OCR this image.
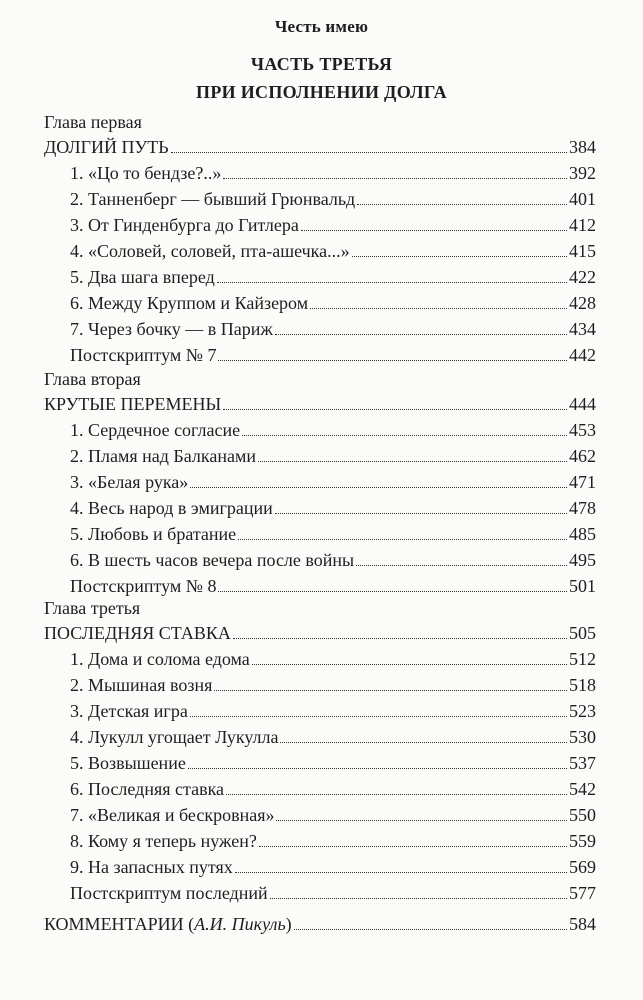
Честь имею
ЧАСТЬ ТРЕТЬЯ
ПРИ ИСПОЛНЕНИИ ДОЛГА
Глава первая
ДОЛГИЙ ПУТЬ	384
1. «Цо то бендзе?..»	392
2. Танненберг — бывший Грюнвальд	401
3. От Гинденбурга до Гитлера	412
4. «Соловей, соловей, пта-ашечка...»	415
5. Два шага вперед	422
6. Между Круппом и Кайзером	428
7. Через бочку — в Париж	434
Постскриптум № 7	442
Глава вторая
КРУТЫЕ ПЕРЕМЕНЫ	444
1. Сердечное согласие	453
2. Пламя над Балканами	462
3. «Белая рука»	471
4. Весь народ в эмиграции	478
5. Любовь и братание	485
6. В шесть часов вечера после войны	495
Постскриптум № 8	501
Глава третья
ПОСЛЕДНЯЯ СТАВКА	505
1. Дома и солома едома	512
2. Мышиная возня	518
3. Детская игра	523
4. Лукулл угощает Лукулла	530
5. Возвышение	537
6. Последняя ставка	542
7. «Великая и бескровная»	550
8. Кому я теперь нужен?	559
9. На запасных путях	569
Постскриптум последний	577
КОММЕНТАРИИ (А.И. Пикуль)	584
